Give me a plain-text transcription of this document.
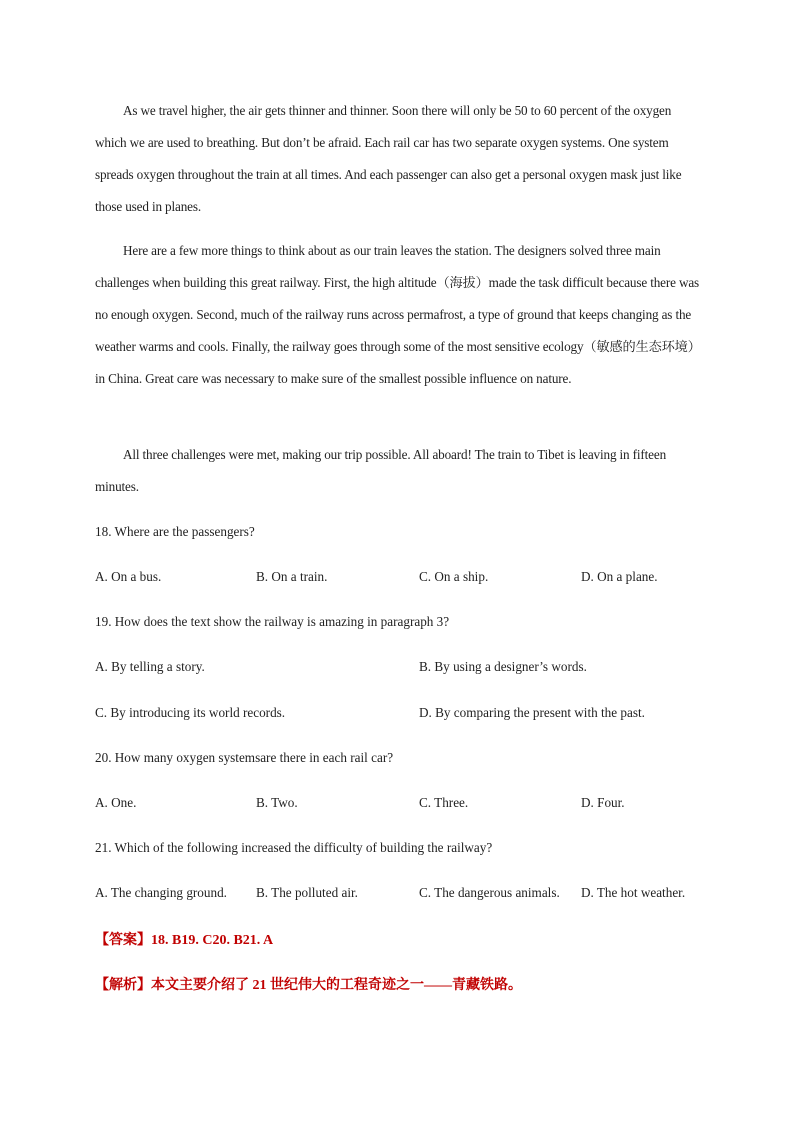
As we travel higher, the air gets thinner and thinner. Soon there will only be 50 to 60 percent of the oxygen which we are used to breathing. But don’t be afraid. Each rail car has two separate oxygen systems. One system spreads oxygen throughout the train at all times. And each passenger can also get a personal oxygen mask just like those used in planes.

Here are a few more things to think about as our train leaves the station. The designers solved three main challenges when building this great railway. First, the high altitude（海拔）made the task difficult because there was no enough oxygen. Second, much of the railway runs across permafrost, a type of ground that keeps changing as the weather warms and cools. Finally, the railway goes through some of the most sensitive ecology（敏感的生态环境）in China. Great care was necessary to make sure of the smallest possible influence on nature.

All three challenges were met, making our trip possible. All aboard! The train to Tibet is leaving in fifteen minutes.

18. Where are the passengers?

A. On a bus.	B. On a train.	C. On a ship.	D. On a plane.

19. How does the text show the railway is amazing in paragraph 3?

A. By telling a story.	B. By using a designer’s words.
C. By introducing its world records.	D. By comparing the present with the past.

20. How many oxygen systemsare there in each rail car?

A. One.	B. Two.	C. Three.	D. Four.

21. Which of the following increased the difficulty of building the railway?

A. The changing ground. B. The polluted air.	C. The dangerous animals. D. The hot weather.
【答案】18. B19. C20. B21. A
【解析】本文主要介绍了 21 世纪伟大的工程奇迹之一——青藏铁路。
